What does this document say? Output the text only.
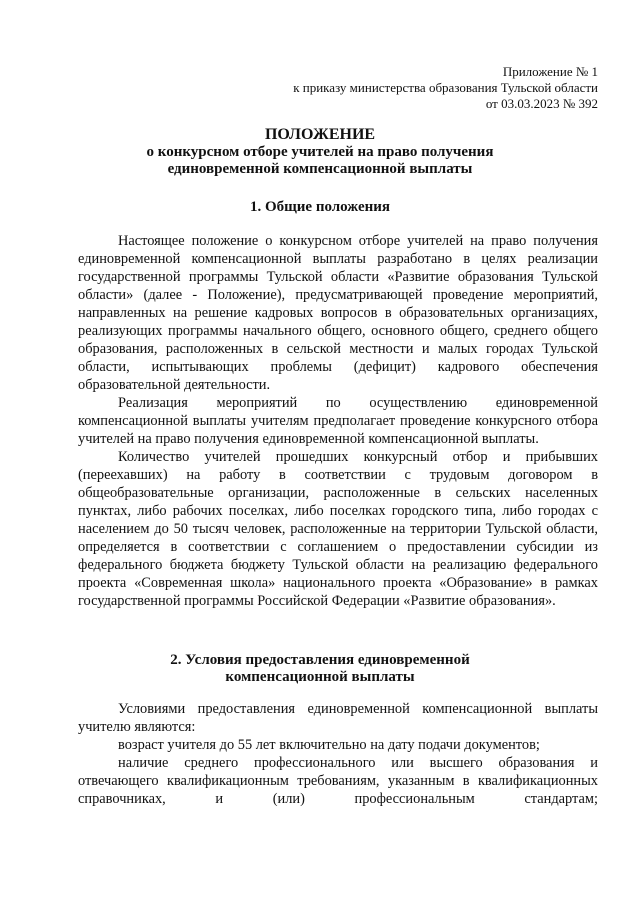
Приложение № 1
к приказу министерства образования Тульской области
от 03.03.2023 № 392
ПОЛОЖЕНИЕ
о конкурсном отборе учителей на право получения
единовременной компенсационной выплаты
1. Общие положения

Настоящее положение о конкурсном отборе учителей на право получения единовременной компенсационной выплаты разработано в целях реализации государственной программы Тульской области «Развитие образования Тульской области» (далее - Положение), предусматривающей проведение мероприятий, направленных на решение кадровых вопросов в образовательных организациях, реализующих программы начального общего, основного общего, среднего общего образования, расположенных в сельской местности и малых городах Тульской области, испытывающих проблемы (дефицит) кадрового обеспечения образовательной деятельности.

Реализация мероприятий по осуществлению единовременной компенсационной выплаты учителям предполагает проведение конкурсного отбора учителей на право получения единовременной компенсационной выплаты.

Количество учителей прошедших конкурсный отбор и прибывших (переехавших) на работу в соответствии с трудовым договором в общеобразовательные организации, расположенные в сельских населенных пунктах, либо рабочих поселках, либо поселках городского типа, либо городах с населением до 50 тысяч человек, расположенные на территории Тульской области, определяется в соответствии с соглашением о предоставлении субсидии из федерального бюджета бюджету Тульской области на реализацию федерального проекта «Современная школа» национального проекта «Образование» в рамках государственной программы Российской Федерации «Развитие образования».

2. Условия предоставления единовременной
компенсационной выплаты

Условиями предоставления единовременной компенсационной выплаты учителю являются:

возраст учителя до 55 лет включительно на дату подачи документов;

наличие среднего профессионального или высшего образования и отвечающего квалификационным требованиям, указанным в квалификационных справочниках, и (или) профессиональным стандартам;
